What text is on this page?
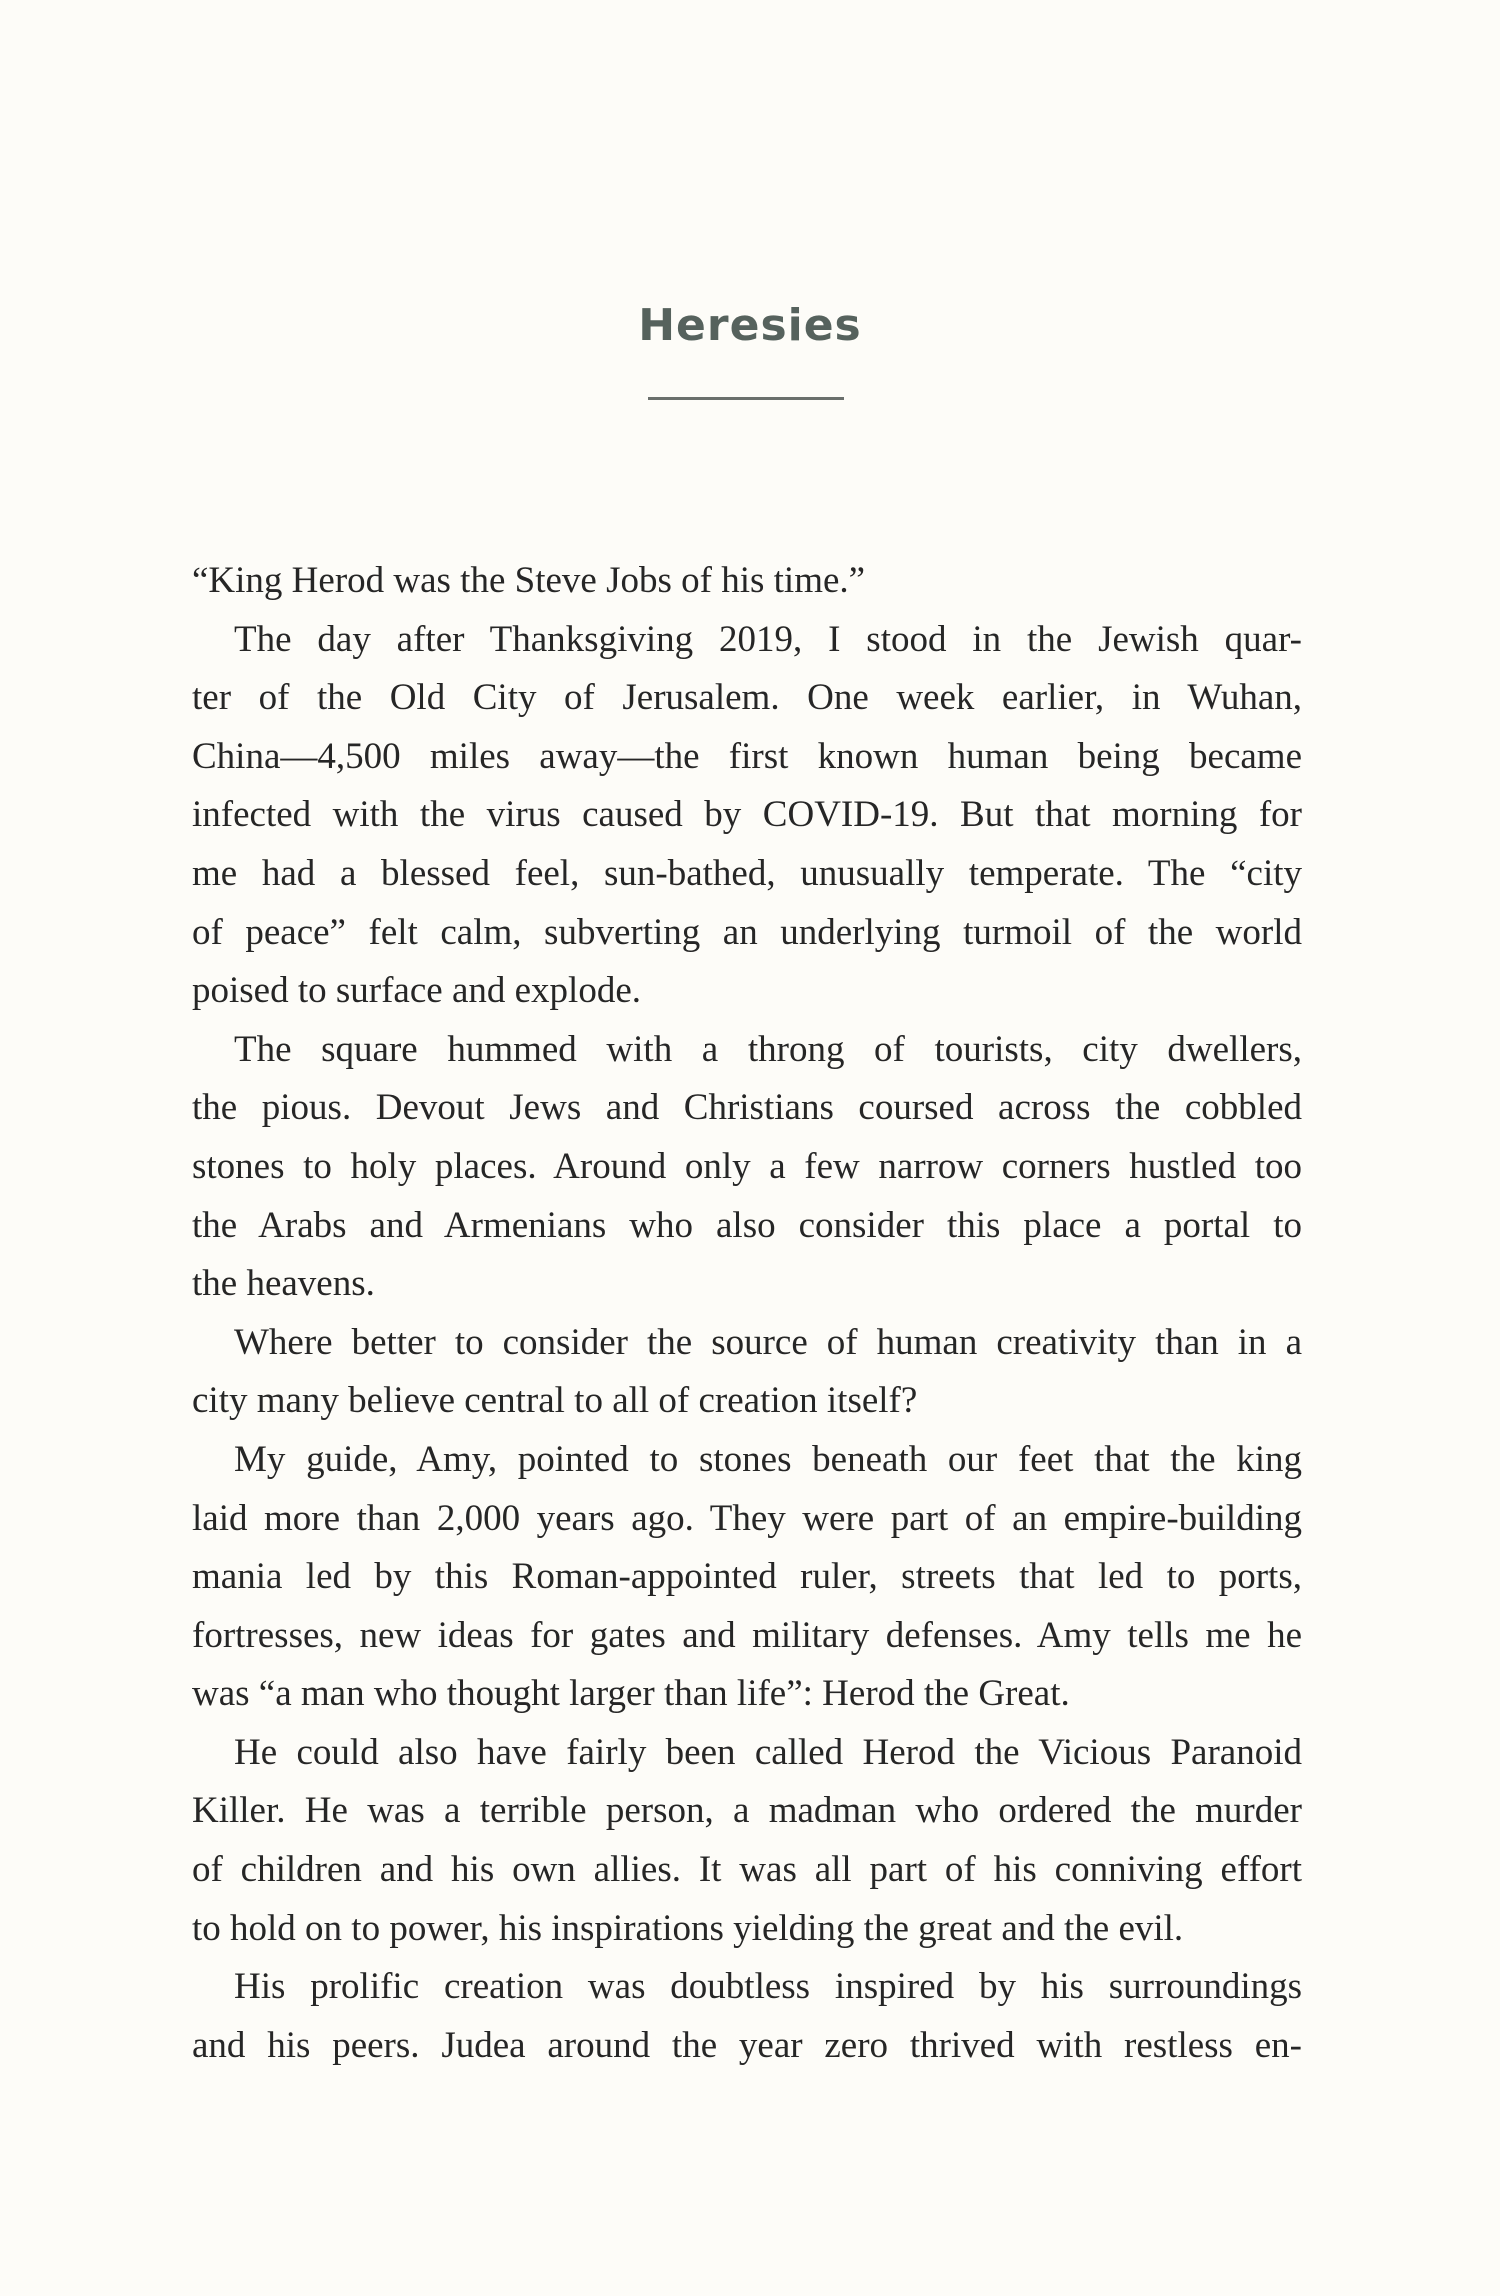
Heresies
“King Herod was the Steve Jobs of his time.”
The day after Thanksgiving 2019, I stood in the Jewish quar-
ter of the Old City of Jerusalem. One week earlier, in Wuhan,
China—4,500 miles away—the first known human being became
infected with the virus caused by COVID-19. But that morning for
me had a blessed feel, sun-bathed, unusually temperate. The “city
of peace” felt calm, subverting an underlying turmoil of the world
poised to surface and explode.
The square hummed with a throng of tourists, city dwellers,
the pious. Devout Jews and Christians coursed across the cobbled
stones to holy places. Around only a few narrow corners hustled too
the Arabs and Armenians who also consider this place a portal to
the heavens.
Where better to consider the source of human creativity than in a
city many believe central to all of creation itself?
My guide, Amy, pointed to stones beneath our feet that the king
laid more than 2,000 years ago. They were part of an empire-building
mania led by this Roman-appointed ruler, streets that led to ports,
fortresses, new ideas for gates and military defenses. Amy tells me he
was “a man who thought larger than life”: Herod the Great.
He could also have fairly been called Herod the Vicious Paranoid
Killer. He was a terrible person, a madman who ordered the murder
of children and his own allies. It was all part of his conniving effort
to hold on to power, his inspirations yielding the great and the evil.
His prolific creation was doubtless inspired by his surroundings
and his peers. Judea around the year zero thrived with restless en-
